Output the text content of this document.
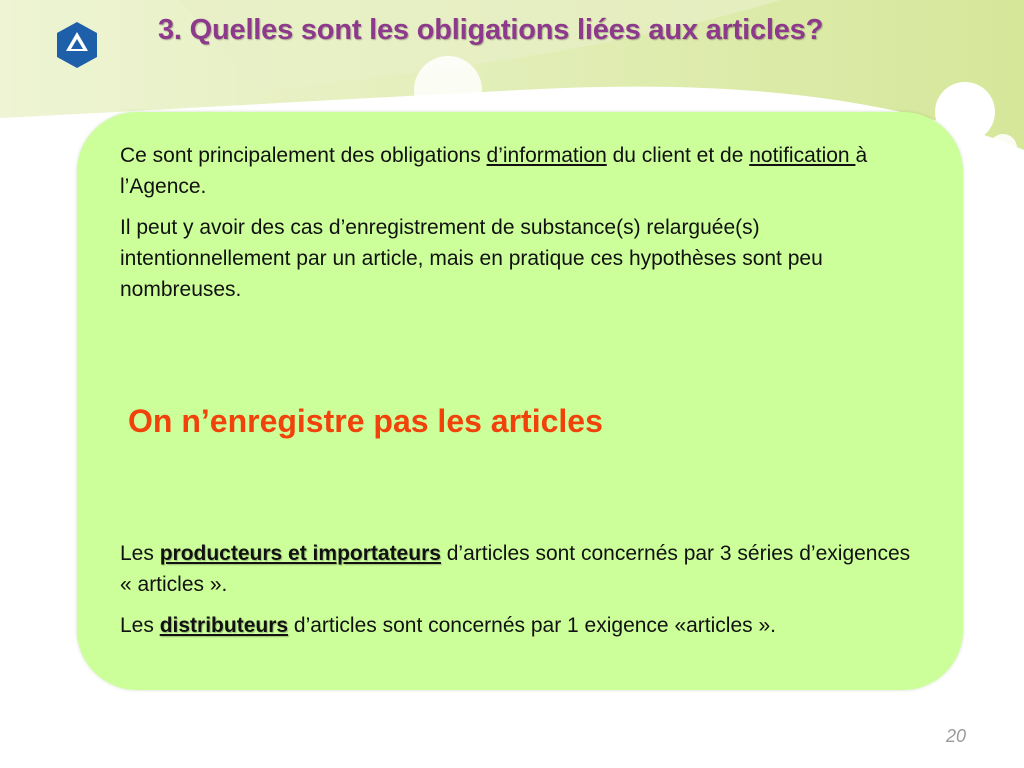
3. Quelles sont les obligations liées aux articles?

Ce sont principalement des obligations d’information du client et de notification à l’Agence.

Il peut y avoir des cas d’enregistrement de substance(s) relarguée(s) intentionnellement par un article, mais en pratique ces hypothèses sont peu nombreuses.

On n’enregistre pas les articles

Les producteurs et importateurs d’articles sont concernés par 3 séries d’exigences « articles ».

Les distributeurs d’articles sont concernés par 1 exigence «articles ».

20
